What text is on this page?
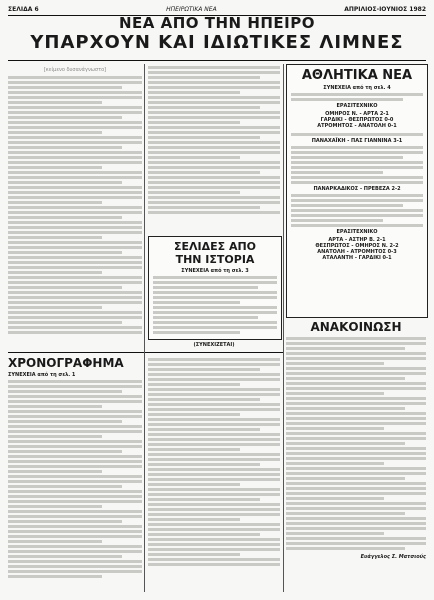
ΣΕΛΙΔΑ 6	ΗΠΕΙΡΩΤΙΚΑ ΝΕΑ	ΑΠΡΙΛΙΟΣ-ΙΟΥΝΙΟΣ 1982
ΝΕΑ ΑΠΟ ΤΗΝ ΗΠΕΙΡΟ
ΥΠΑΡΧΟΥΝ ΚΑΙ ΙΔΙΩΤΙΚΕΣ ΛΙΜΝΕΣ
[κείμενο δυσανάγνωστο]
ΣΕΛΙΔΕΣ ΑΠΟ
ΤΗΝ ΙΣΤΟΡΙΑ
ΣΥΝΕΧΕΙΑ από τη σελ. 3
(ΣΥΝΕΧΙΖΕΤΑΙ)
ΑΘΛΗΤΙΚΑ ΝΕΑ
ΣΥΝΕΧΕΙΑ από τη σελ. 4
ΕΡΑΣΙΤΕΧΝΙΚΟ
ΟΜΗΡΟΣ Ν. - ΑΡΤΑ 2-1
ΓΑΡΔΙΚΙ - ΘΕΣΠΡΩΤΟΣ 0-0
ΑΤΡΟΜΗΤΟΣ - ΑΝΑΤΟΛΗ 0-1
ΠΑΝΑΧΑΪΚΗ - ΠΑΣ ΓΙΑΝΝΙΝΑ 3-1
ΠΑΝΑΡΚΑΔΙΚΟΣ - ΠΡΕΒΕΖΑ 2-2
ΕΡΑΣΙΤΕΧΝΙΚΟ
ΑΡΤΑ - ΑΣΤΗΡ Β. 2-1
ΘΕΣΠΡΩΤΟΣ - ΟΜΗΡΟΣ Ν. 2-2
ΑΝΑΤΟΛΗ - ΑΤΡΟΜΗΤΟΣ 0-3
ΑΤΑΛΑΝΤΗ - ΓΑΡΔΙΚΙ 0-1
ΑΝΑΚΟΙΝΩΣΗ
Ευάγγελος Σ. Ματσιούς
ΧΡΟΝΟΓΡΑΦΗΜΑ
ΣΥΝΕΧΕΙΑ από τη σελ. 1
